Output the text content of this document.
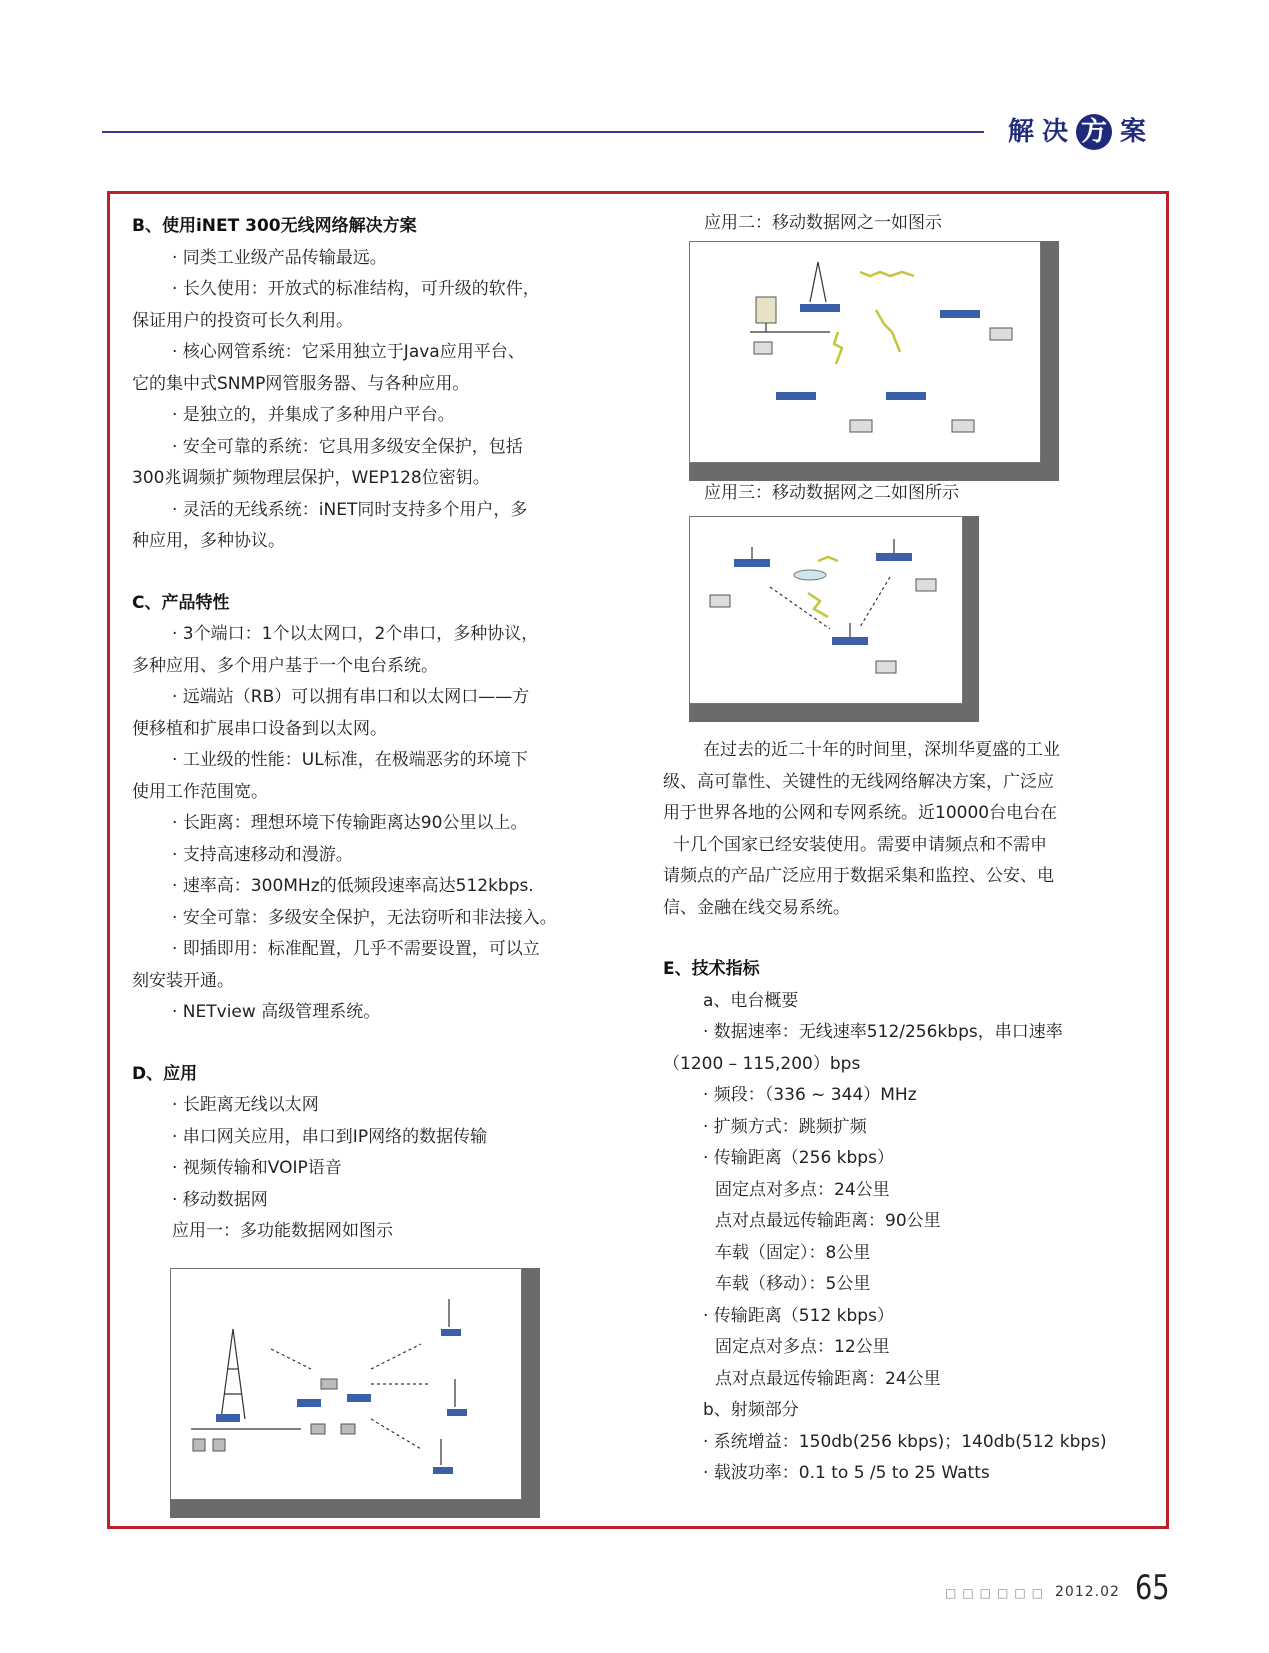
解决 方 案
B、使用iNET 300无线网络解决方案

· 同类工业级产品传输最远。

· 长久使用：开放式的标准结构，可升级的软件，

保证用户的投资可长久利用。

· 核心网管系统：它采用独立于Java应用平台、

它的集中式SNMP网管服务器、与各种应用。

· 是独立的，并集成了多种用户平台。

· 安全可靠的系统：它具用多级安全保护，包括

300兆调频扩频物理层保护，WEP128位密钥。

· 灵活的无线系统：iNET同时支持多个用户，多

种应用，多种协议。

C、产品特性

· 3个端口：1个以太网口，2个串口，多种协议，

多种应用、多个用户基于一个电台系统。

· 远端站（RB）可以拥有串口和以太网口——方

便移植和扩展串口设备到以太网。

· 工业级的性能：UL标准，在极端恶劣的环境下

使用工作范围宽。

· 长距离：理想环境下传输距离达90公里以上。

· 支持高速移动和漫游。

· 速率高：300MHz的低频段速率高达512kbps.

· 安全可靠：多级安全保护，无法窃听和非法接入。

· 即插即用：标准配置，几乎不需要设置，可以立

刻安装开通。

· NETview 高级管理系统。

D、应用

· 长距离无线以太网

· 串口网关应用，串口到IP网络的数据传输

· 视频传输和VOIP语音

· 移动数据网

应用一：多功能数据网如图示

应用二：移动数据网之一如图示

应用三：移动数据网之二如图所示

在过去的近二十年的时间里，深圳华夏盛的工业

级、高可靠性、关键性的无线网络解决方案，广泛应

用于世界各地的公网和专网系统。近10000台电台在

十几个国家已经安装使用。需要申请频点和不需申

请频点的产品广泛应用于数据采集和监控、公安、电

信、金融在线交易系统。

E、技术指标

a、电台概要

· 数据速率：无线速率512/256kbps，串口速率

（1200 – 115,200）bps

· 频段：（336 ~ 344）MHz

· 扩频方式：跳频扩频

· 传输距离（256 kbps）

固定点对多点：24公里

点对点最远传输距离：90公里

车载（固定）：8公里

车载（移动）：5公里

· 传输距离（512 kbps）

固定点对多点：12公里

点对点最远传输距离：24公里

b、射频部分

· 系统增益：150db(256 kbps)；140db(512 kbps)

· 载波功率：0.1 to 5 /5 to 25 Watts

□□□□□□ 2012.02 65
